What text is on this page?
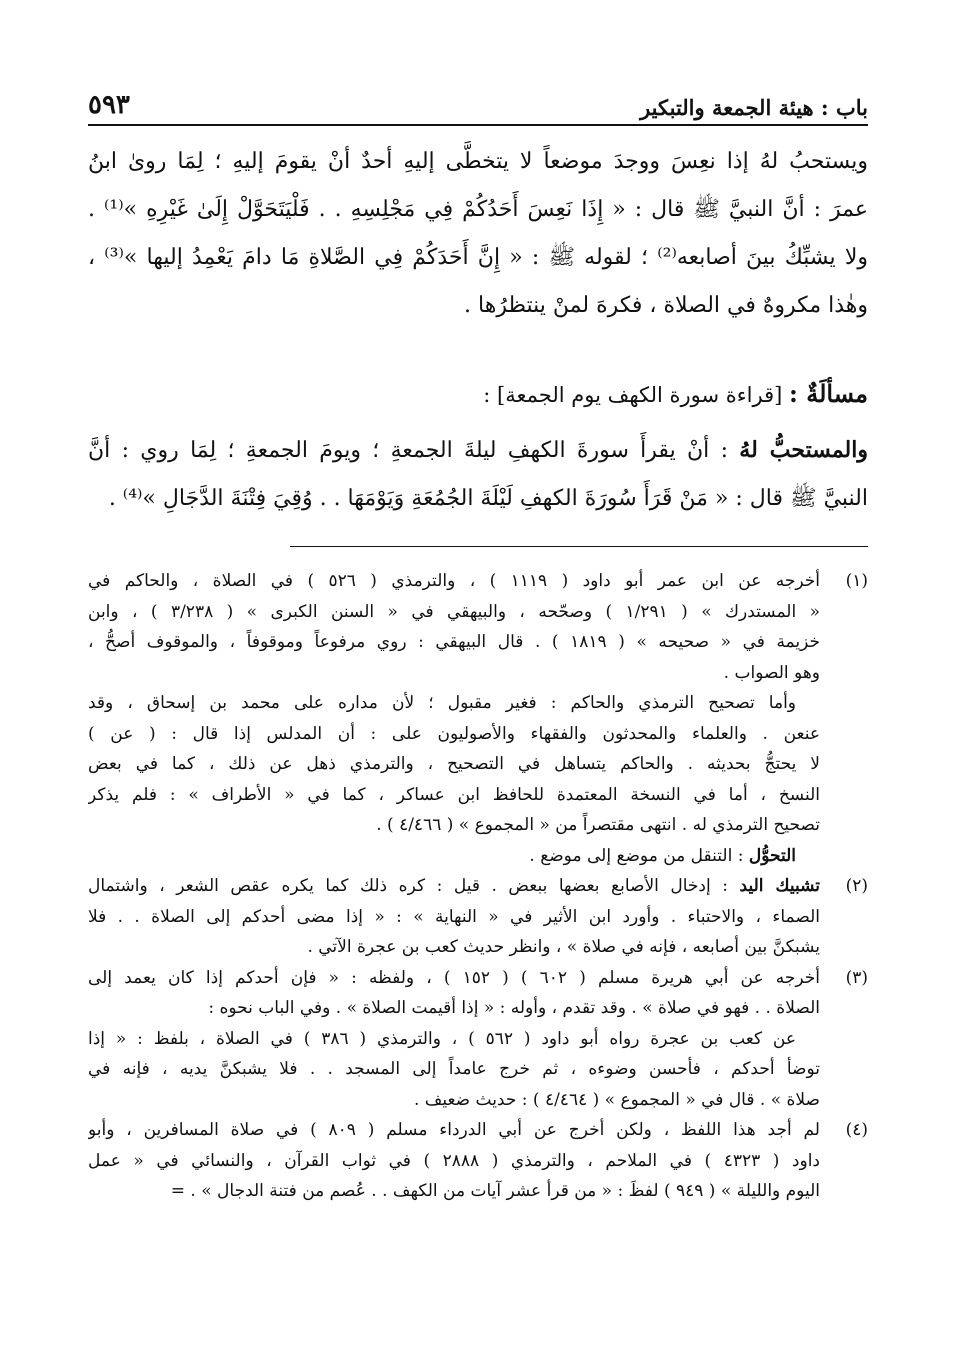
باب : هيئة الجمعة والتبكير
٥٩٣
ويستحبُ لهُ إذا نعِسَ ووجدَ موضعاً لا يتخطَّى إليهِ أحدٌ أنْ يقومَ إليهِ ؛ لِمَا روىٰ ابنُ
عمرَ : أنَّ النبيَّ ﷺ قال : « إِذَا نَعِسَ أَحَدُكُمْ فِي مَجْلِسِهِ . . فَلْيَتَحَوَّلْ إِلَىٰ غَيْرِهِ »⁽¹⁾ .
ولا يشبِّكُ بينَ أصابعه⁽²⁾ ؛ لقوله ﷺ : « إِنَّ أَحَدَكُمْ فِي الصَّلاةِ مَا دامَ يَعْمِدُ إليها »⁽³⁾ ،
وهٰذا مكروهٌ في الصلاة ، فكرهَ لمنْ ينتظرُها .
مسألَةٌ : [قراءة سورة الكهف يوم الجمعة] :
والمستحبُّ لهُ : أنْ يقرأَ سورةَ الكهفِ ليلةَ الجمعةِ ؛ ويومَ الجمعةِ ؛ لِمَا روي : أنَّ
النبيَّ ﷺ قال : « مَنْ قَرَأَ سُورَةَ الكهفِ لَيْلَةَ الجُمُعَةِ وَيَوْمَهَا . . وُقِيَ فِتْنَةَ الدَّجَالِ »⁽⁴⁾ .
(١)
أخرجه عن ابن عمر أبو داود ( ١١١٩ ) ، والترمذي ( ٥٢٦ ) في الصلاة ، والحاكم في
« المستدرك » ( ١/٢٩١ ) وصحّحه ، والبيهقي في « السنن الكبرى » ( ٣/٢٣٨ ) ، وابن
خزيمة في « صحيحه » ( ١٨١٩ ) . قال البيهقي : روي مرفوعاً وموقوفاً ، والموقوف أصحُّ ،
وهو الصواب .
وأما تصحيح الترمذي والحاكم : فغير مقبول ؛ لأن مداره على محمد بن إسحاق ، وقد
عنعن . والعلماء والمحدثون والفقهاء والأصوليون على : أن المدلس إذا قال : ( عن )
لا يحتجُّ بحديثه . والحاكم يتساهل في التصحيح ، والترمذي ذهل عن ذلك ، كما في بعض
النسخ ، أما في النسخة المعتمدة للحافظ ابن عساكر ، كما في « الأطراف » : فلم يذكر
تصحيح الترمذي له . انتهى مقتصراً من « المجموع » ( ٤/٤٦٦ ) .
التحوُّل : التنقل من موضع إلى موضع .
(٢)
تشبيك اليد : إدخال الأصابع بعضها ببعض . قيل : كره ذلك كما يكره عقص الشعر ، واشتمال
الصماء ، والاحتباء . وأورد ابن الأثير في « النهاية » : « إذا مضى أحدكم إلى الصلاة . . فلا
يشبكنَّ بين أصابعه ، فإنه في صلاة » ، وانظر حديث كعب بن عجرة الآتي .
(٣)
أخرجه عن أبي هريرة مسلم ( ٦٠٢ ) ( ١٥٢ ) ، ولفظه : « فإن أحدكم إذا كان يعمد إلى
الصلاة . . فهو في صلاة » . وقد تقدم ، وأوله : « إذا أقيمت الصلاة » . وفي الباب نحوه :
عن كعب بن عجرة رواه أبو داود ( ٥٦٢ ) ، والترمذي ( ٣٨٦ ) في الصلاة ، بلفظ : « إذا
توضأ أحدكم ، فأحسن وضوءه ، ثم خرج عامداً إلى المسجد . . فلا يشبكنَّ يديه ، فإنه في
صلاة » . قال في « المجموع » ( ٤/٤٦٤ ) : حديث ضعيف .
(٤)
لم أجد هذا اللفظ ، ولكن أخرج عن أبي الدرداء مسلم ( ٨٠٩ ) في صلاة المسافرين ، وأبو
داود ( ٤٣٢٣ ) في الملاحم ، والترمذي ( ٢٨٨٨ ) في ثواب القرآن ، والنسائي في « عمل
اليوم والليلة » ( ٩٤٩ ) لفظَ : « من قرأ عشر آيات من الكهف . . عُصم من فتنة الدجال » . =
